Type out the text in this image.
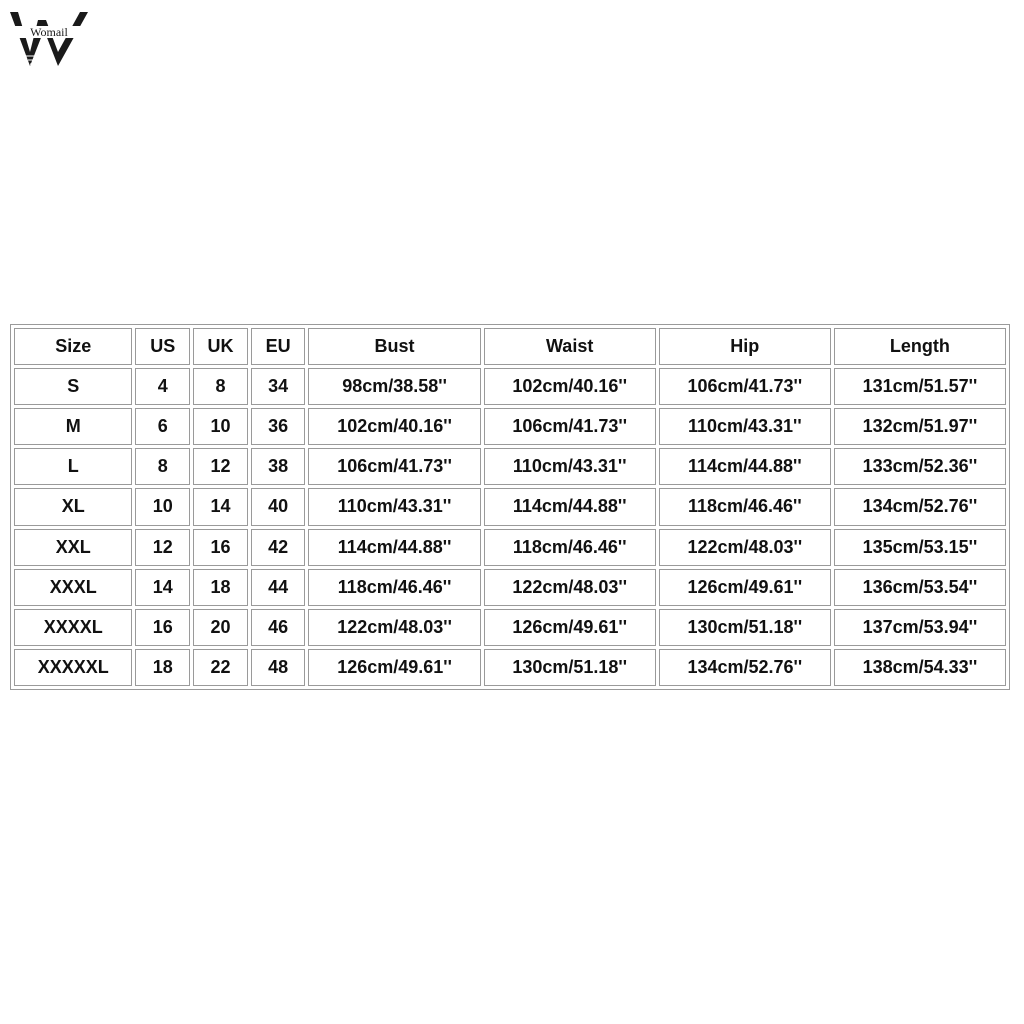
Womail
Size	US	UK	EU	Bust	Waist	Hip	Length
S	4	8	34	98cm/38.58''	102cm/40.16''	106cm/41.73''	131cm/51.57''
M	6	10	36	102cm/40.16''	106cm/41.73''	110cm/43.31''	132cm/51.97''
L	8	12	38	106cm/41.73''	110cm/43.31''	114cm/44.88''	133cm/52.36''
XL	10	14	40	110cm/43.31''	114cm/44.88''	118cm/46.46''	134cm/52.76''
XXL	12	16	42	114cm/44.88''	118cm/46.46''	122cm/48.03''	135cm/53.15''
XXXL	14	18	44	118cm/46.46''	122cm/48.03''	126cm/49.61''	136cm/53.54''
XXXXL	16	20	46	122cm/48.03''	126cm/49.61''	130cm/51.18''	137cm/53.94''
XXXXXL	18	22	48	126cm/49.61''	130cm/51.18''	134cm/52.76''	138cm/54.33''
